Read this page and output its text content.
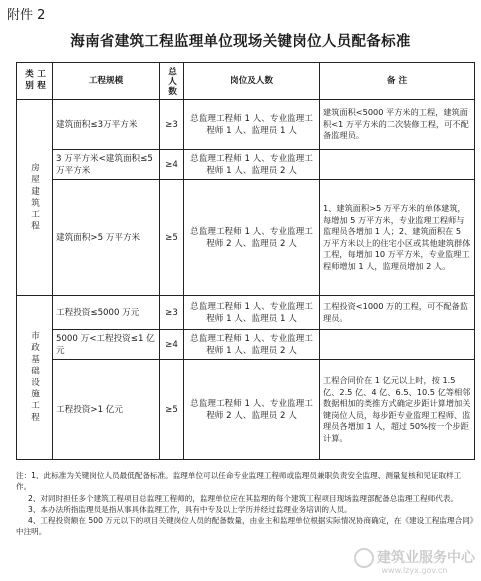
附件 2
海南省建筑工程监理单位现场关键岗位人员配备标准
工程类别	工程规模	总人数	岗位及人数	备 注
房屋建筑工程	建筑面积≤3万平方米	≥3	总监理工程师 1 人、专业监理工程师 1 人、监理员 1 人	建筑面积<5000 平方米的工程，建筑面积<1 万平方米的二次装修工程，可不配备监理员。
	3 万平方米<建筑面积≤5 万平方米	≥4	总监理工程师 1 人、专业监理工程师 1 人、监理员 2 人	
	建筑面积>5 万平方米	≥5	总监理工程师 1 人、专业监理工程师 2 人、监理员 2 人	1、建筑面积>5 万平方米的单体建筑，每增加 5 万平方米，专业监理工程师与监理员各增加 1 人；2、建筑面积在 5 万平方米以上的住宅小区或其他建筑群体工程，每增加 10 万平方米，专业监理工程师增加 1 人，监理员增加 2 人。
市政基础设施工程	工程投资≤5000 万元	≥3	总监理工程师 1 人、专业监理工程师 1 人、监理员 1 人	工程投资<1000 万的工程，可不配备监理员。
	5000 万<工程投资≤1 亿元	≥4	总监理工程师 1 人、专业监理工程师 1 人、监理员 2 人	
	工程投资>1 亿元	≥5	总监理工程师 1 人、专业监理工程师 2 人、监理员 2 人	工程合同价在 1 亿元以上时，按 1.5 亿、2.5 亿、4 亿、6.5、10.5 亿等相邻数据相加的类推方式确定步距计算增加关键岗位人员，每步距专业监理工程师、监理员各增加 1 人，超过 50%按一个步距计算。

注：1、此标准为关键岗位人员最低配备标准。监理单位可以任命专业监理工程师或监理员兼职负责安全监理、测量复核和见证取样工作。

2、对同时担任多个建筑工程项目总监理工程师的，监理单位应在其监理的每个建筑工程项目现场监理部配备总监理工程师代表。

3、本办法所指监理员是指从事具体监理工作，具有中专及以上学历并经过监理业务培训的人员。

4、工程投资额在 500 万元以下的项目关键岗位人员的配备数量，由业主和监理单位根据实际情况协商确定，在《建设工程监理合同》中注明。

建筑业服务中心
www.lzyx.gov.cn
